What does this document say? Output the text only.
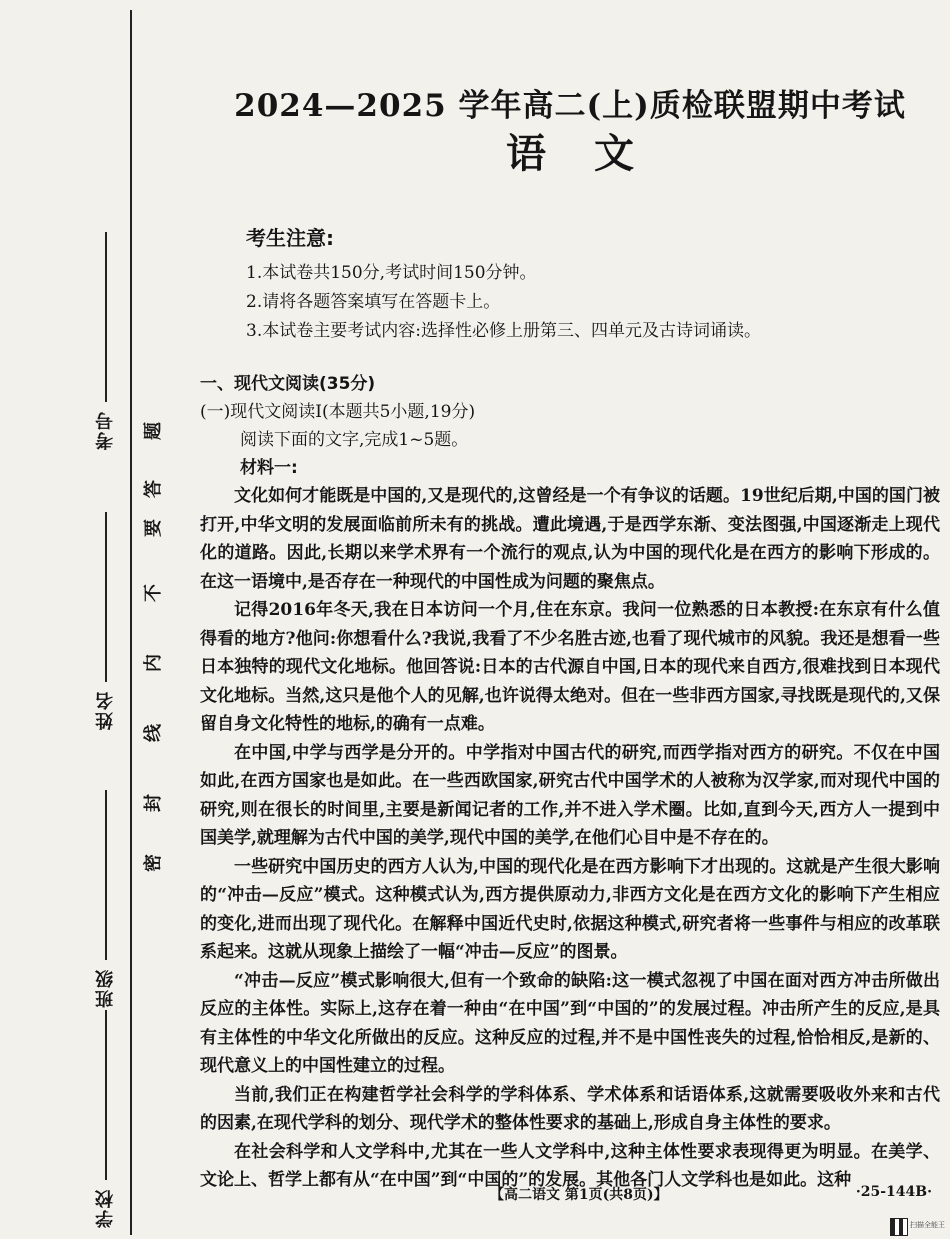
考号
姓名
班级
学校
密
封
线
内
不
要
答
题
2024—2025 学年高二(上)质检联盟期中考试
语文
考生注意:

1.本试卷共150分,考试时间150分钟。

2.请将各题答案填写在答题卡上。

3.本试卷主要考试内容:选择性必修上册第三、四单元及古诗词诵读。

一、现代文阅读(35分)

(一)现代文阅读Ⅰ(本题共5小题,19分)

阅读下面的文字,完成1~5题。

材料一:

文化如何才能既是中国的,又是现代的,这曾经是一个有争议的话题。19世纪后期,中国的国门被打开,中华文明的发展面临前所未有的挑战。遭此境遇,于是西学东渐、变法图强,中国逐渐走上现代化的道路。因此,长期以来学术界有一个流行的观点,认为中国的现代化是在西方的影响下形成的。在这一语境中,是否存在一种现代的中国性成为问题的聚焦点。

记得2016年冬天,我在日本访问一个月,住在东京。我问一位熟悉的日本教授:在东京有什么值得看的地方?他问:你想看什么?我说,我看了不少名胜古迹,也看了现代城市的风貌。我还是想看一些日本独特的现代文化地标。他回答说:日本的古代源自中国,日本的现代来自西方,很难找到日本现代文化地标。当然,这只是他个人的见解,也许说得太绝对。但在一些非西方国家,寻找既是现代的,又保留自身文化特性的地标,的确有一点难。

在中国,中学与西学是分开的。中学指对中国古代的研究,而西学指对西方的研究。不仅在中国如此,在西方国家也是如此。在一些西欧国家,研究古代中国学术的人被称为汉学家,而对现代中国的研究,则在很长的时间里,主要是新闻记者的工作,并不进入学术圈。比如,直到今天,西方人一提到中国美学,就理解为古代中国的美学,现代中国的美学,在他们心目中是不存在的。

一些研究中国历史的西方人认为,中国的现代化是在西方影响下才出现的。这就是产生很大影响的“冲击—反应”模式。这种模式认为,西方提供原动力,非西方文化是在西方文化的影响下产生相应的变化,进而出现了现代化。在解释中国近代史时,依据这种模式,研究者将一些事件与相应的改革联系起来。这就从现象上描绘了一幅“冲击—反应”的图景。

“冲击—反应”模式影响很大,但有一个致命的缺陷:这一模式忽视了中国在面对西方冲击所做出反应的主体性。实际上,这存在着一种由“在中国”到“中国的”的发展过程。冲击所产生的反应,是具有主体性的中华文化所做出的反应。这种反应的过程,并不是中国性丧失的过程,恰恰相反,是新的、现代意义上的中国性建立的过程。

当前,我们正在构建哲学社会科学的学科体系、学术体系和话语体系,这就需要吸收外来和古代的因素,在现代学科的划分、现代学术的整体性要求的基础上,形成自身主体性的要求。

在社会科学和人文学科中,尤其在一些人文学科中,这种主体性要求表现得更为明显。在美学、文论上、哲学上都有从“在中国”到“中国的”的发展。其他各门人文学科也是如此。这种

【高二语文 第1页(共8页)】	·25-144B·
扫描全能王
